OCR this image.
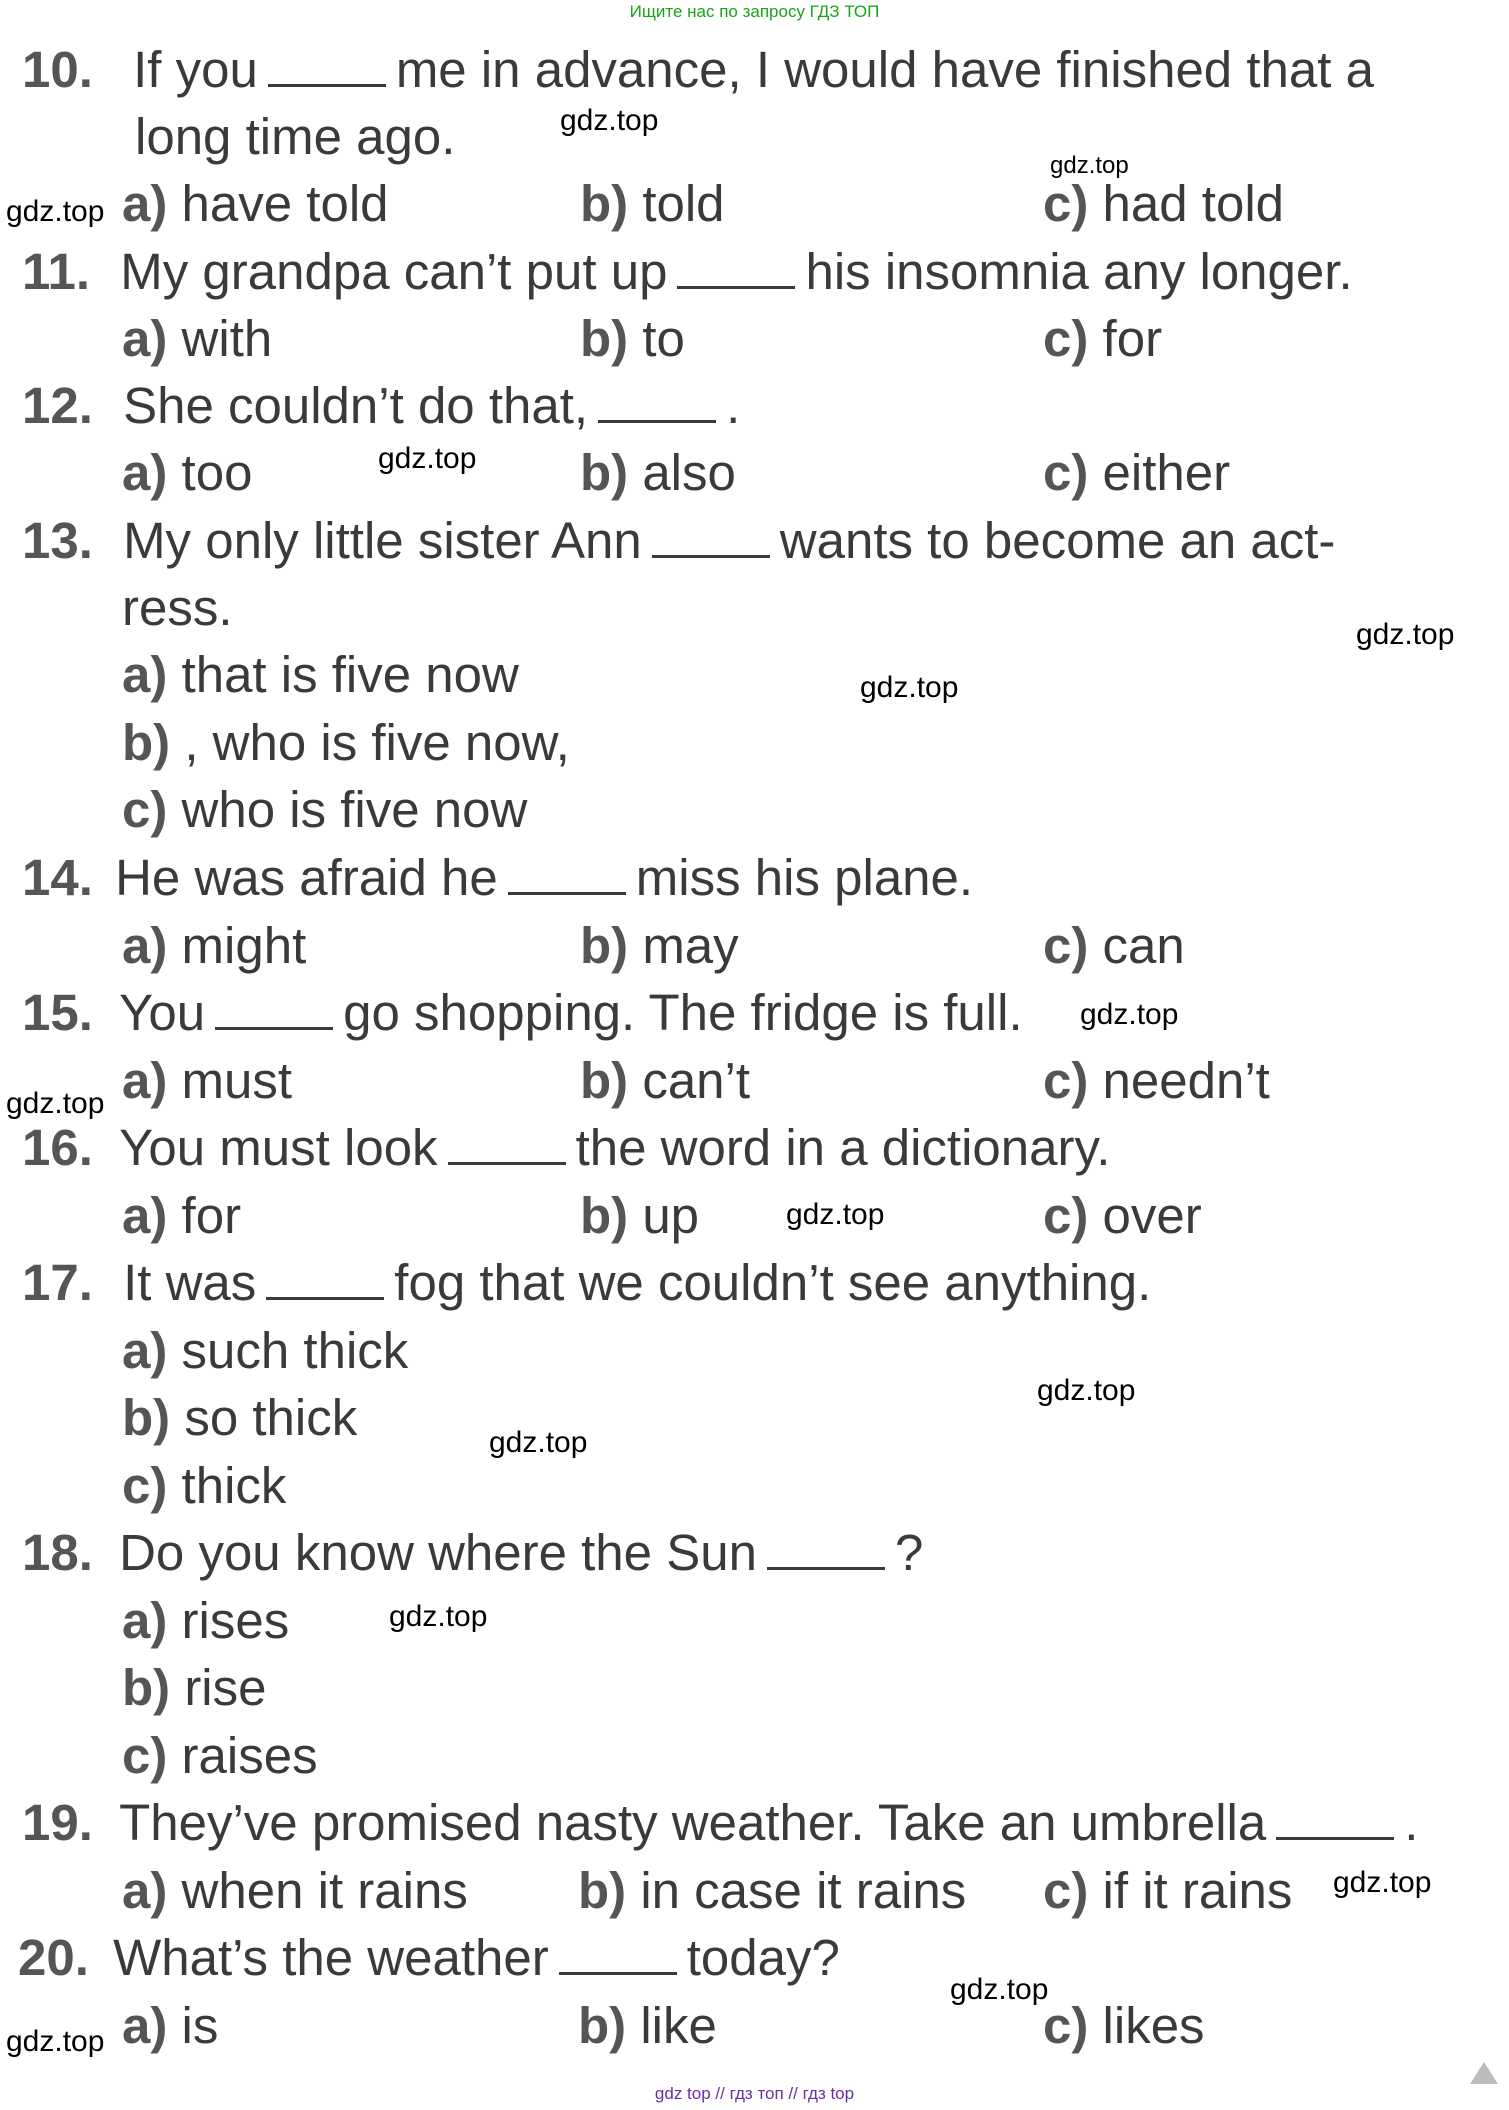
Ищите нас по запросу ГДЗ ТОП
10. If you	me in advance, I would have finished that a
long time ago.
a) have told	b) told	c) had told
11. My grandpa can’t put up	his insomnia any longer.
a) with	b) to	c) for
12. She couldn’t do that,	.
a) too	b) also	c) either
13. My only little sister Ann	wants to become an act-
ress.
a) that is five now
b) , who is five now,
c) who is five now
14. He was afraid he	miss his plane.
a) might	b) may	c) can
15. You	go shopping. The fridge is full.
a) must	b) can’t	c) needn’t
16. You must look	the word in a dictionary.
a) for	b) up	c) over
17. It was	fog that we couldn’t see anything.
a) such thick
b) so thick
c) thick
18. Do you know where the Sun	?
a) rises
b) rise
c) raises
19. They’ve promised nasty weather. Take an umbrella	.
a) when it rains b) in case it rains c) if it rains
20. What’s the weather	today?
a) is	b) like	c) likes
gdz.top
gdz.top
gdz.top
gdz.top
gdz.top
gdz.top
gdz.top
gdz.top
gdz.top
gdz.top
gdz.top
gdz.top
gdz.top
gdz.top
gdz.top
gdz top // гдз топ // гдз top
